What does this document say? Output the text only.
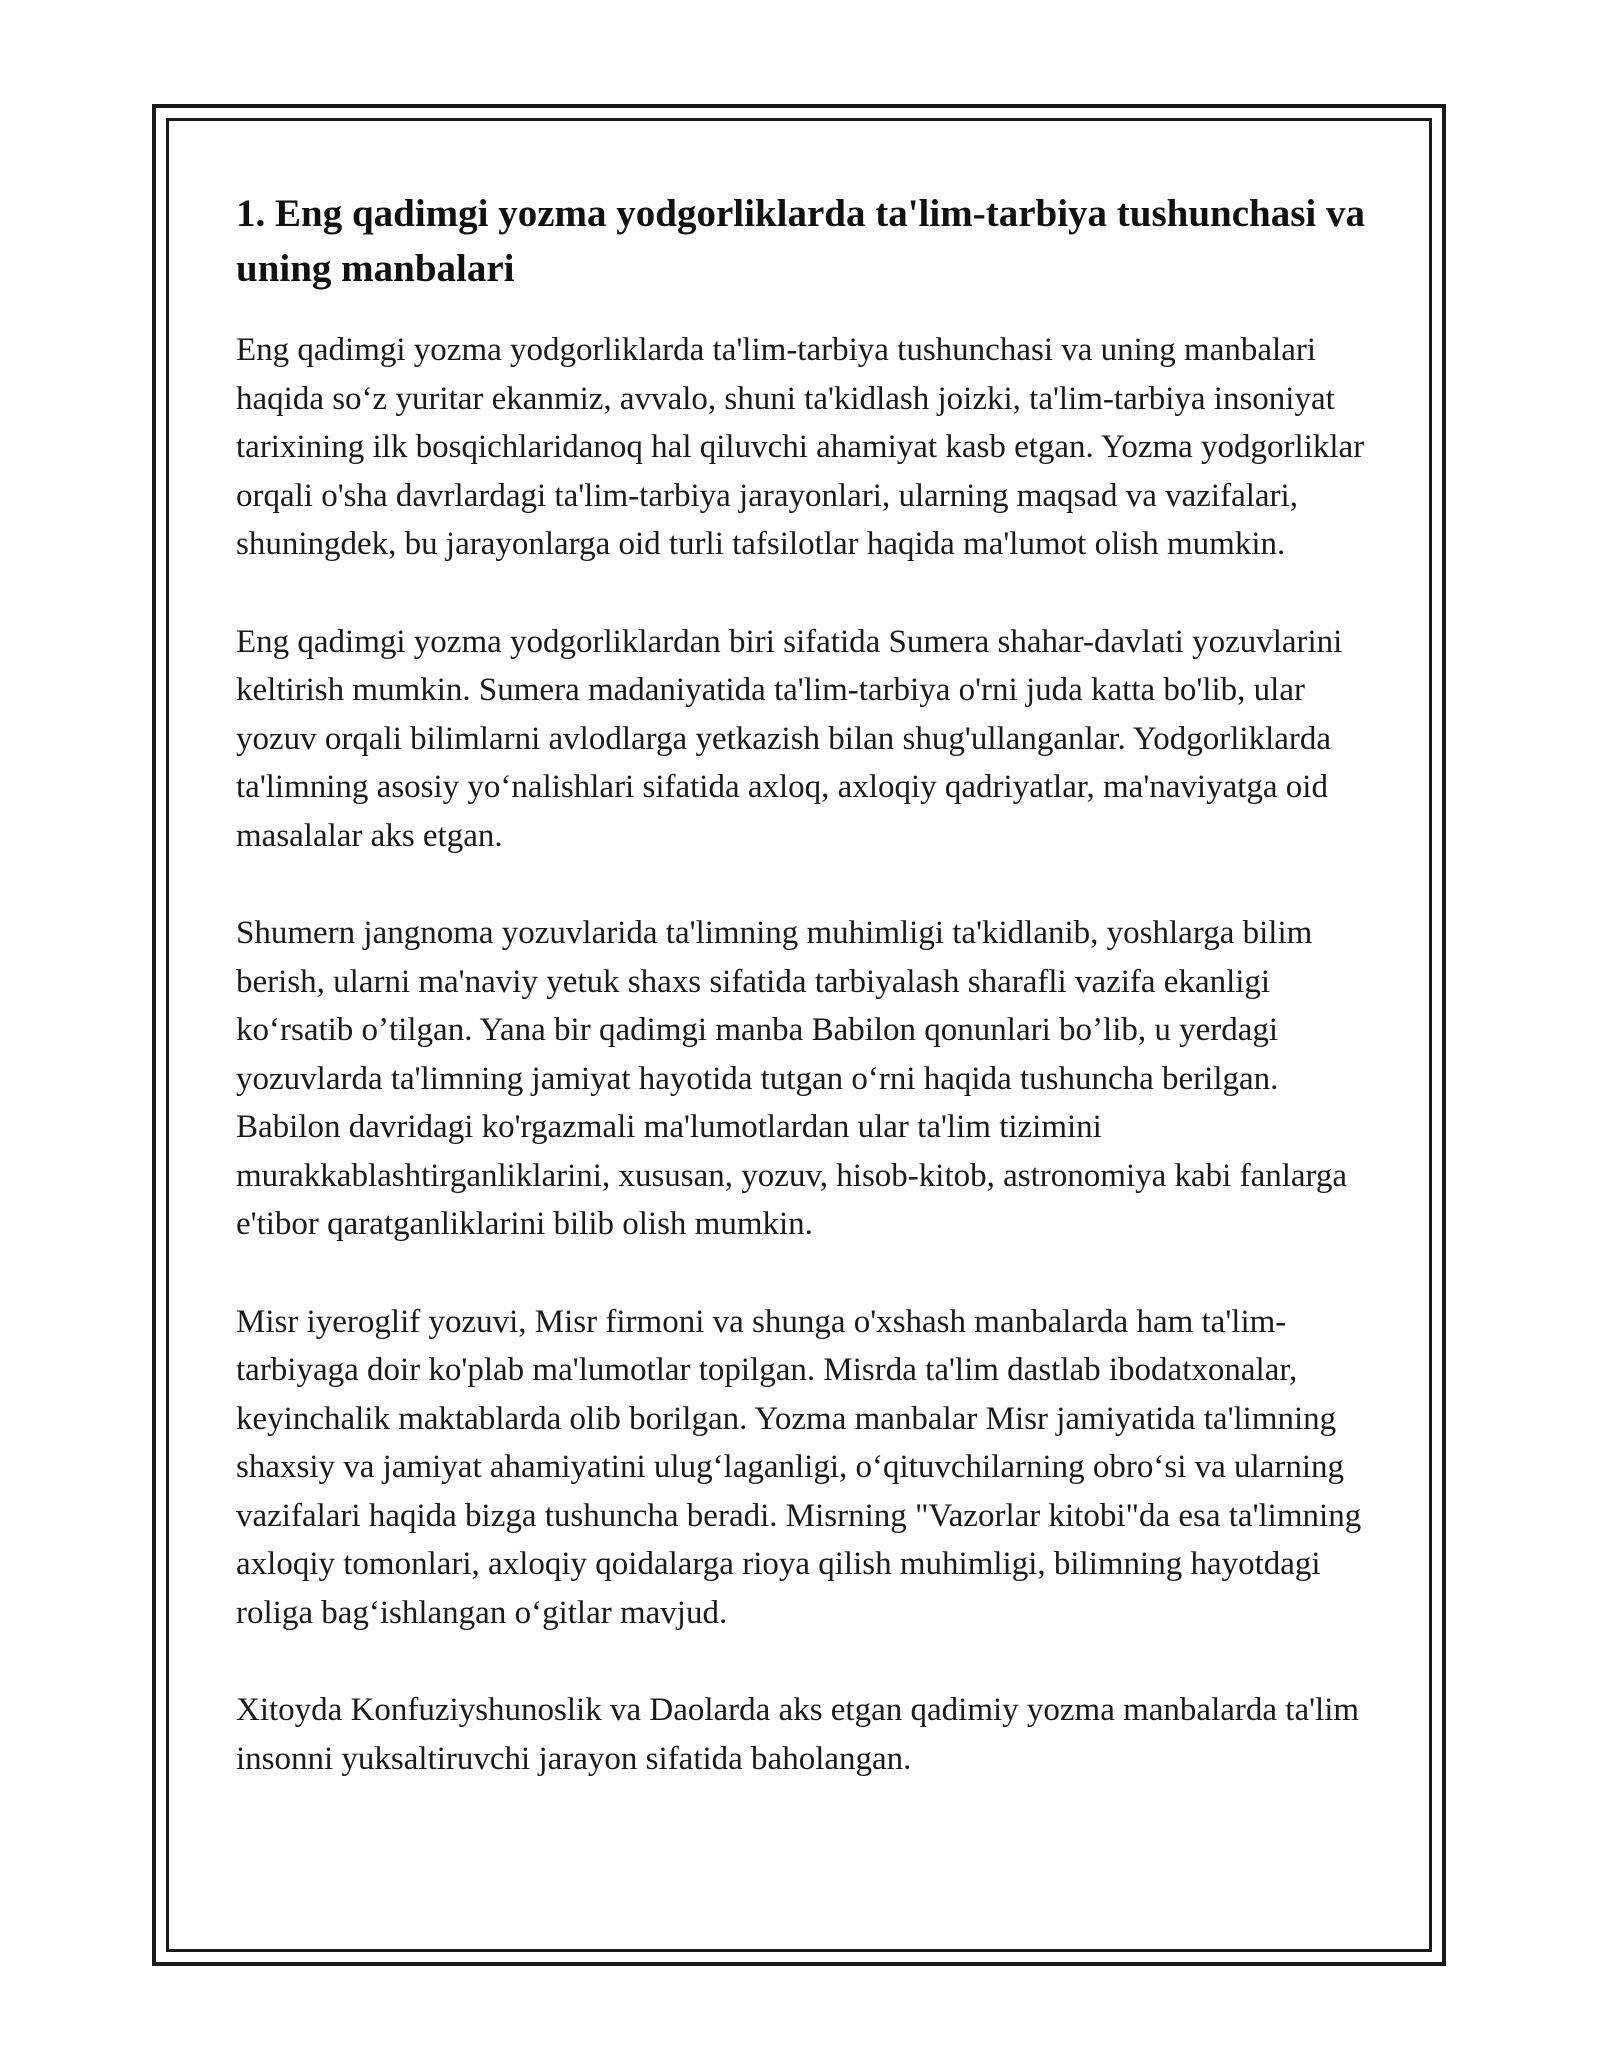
1. Eng qadimgi yozma yodgorliklarda ta'lim-tarbiya tushunchasi va uning manbalari

Eng qadimgi yozma yodgorliklarda ta'lim-tarbiya tushunchasi va uning manbalari haqida soʻz yuritar ekanmiz, avvalo, shuni ta'kidlash joizki, ta'lim-tarbiya insoniyat tarixining ilk bosqichlaridanoq hal qiluvchi ahamiyat kasb etgan. Yozma yodgorliklar orqali o'sha davrlardagi ta'lim-tarbiya jarayonlari, ularning maqsad va vazifalari, shuningdek, bu jarayonlarga oid turli tafsilotlar haqida ma'lumot olish mumkin.

Eng qadimgi yozma yodgorliklardan biri sifatida Sumera shahar-davlati yozuvlarini keltirish mumkin. Sumera madaniyatida ta'lim-tarbiya o'rni juda katta bo'lib, ular yozuv orqali bilimlarni avlodlarga yetkazish bilan shug'ullanganlar. Yodgorliklarda ta'limning asosiy yoʻnalishlari sifatida axloq, axloqiy qadriyatlar, ma'naviyatga oid masalalar aks etgan.

Shumern jangnoma yozuvlarida ta'limning muhimligi ta'kidlanib, yoshlarga bilim berish, ularni ma'naviy yetuk shaxs sifatida tarbiyalash sharafli vazifa ekanligi koʻrsatib oʼtilgan. Yana bir qadimgi manba Babilon qonunlari boʼlib, u yerdagi yozuvlarda ta'limning jamiyat hayotida tutgan oʻrni haqida tushuncha berilgan. Babilon davridagi ko'rgazmali ma'lumotlardan ular ta'lim tizimini murakkablashtirganliklarini, xususan, yozuv, hisob-kitob, astronomiya kabi fanlarga e'tibor qaratganliklarini bilib olish mumkin.

Misr iyeroglif yozuvi, Misr firmoni va shunga o'xshash manbalarda ham ta'lim-tarbiyaga doir ko'plab ma'lumotlar topilgan. Misrda ta'lim dastlab ibodatxonalar, keyinchalik maktablarda olib borilgan. Yozma manbalar Misr jamiyatida ta'limning shaxsiy va jamiyat ahamiyatini ulugʻlaganligi, oʻqituvchilarning obroʻsi va ularning vazifalari haqida bizga tushuncha beradi. Misrning "Vazorlar kitobi"da esa ta'limning axloqiy tomonlari, axloqiy qoidalarga rioya qilish muhimligi, bilimning hayotdagi roliga bagʻishlangan oʻgitlar mavjud.

Xitoyda Konfuziyshunoslik va Daolarda aks etgan qadimiy yozma manbalarda ta'lim insonni yuksaltiruvchi jarayon sifatida baholangan.
